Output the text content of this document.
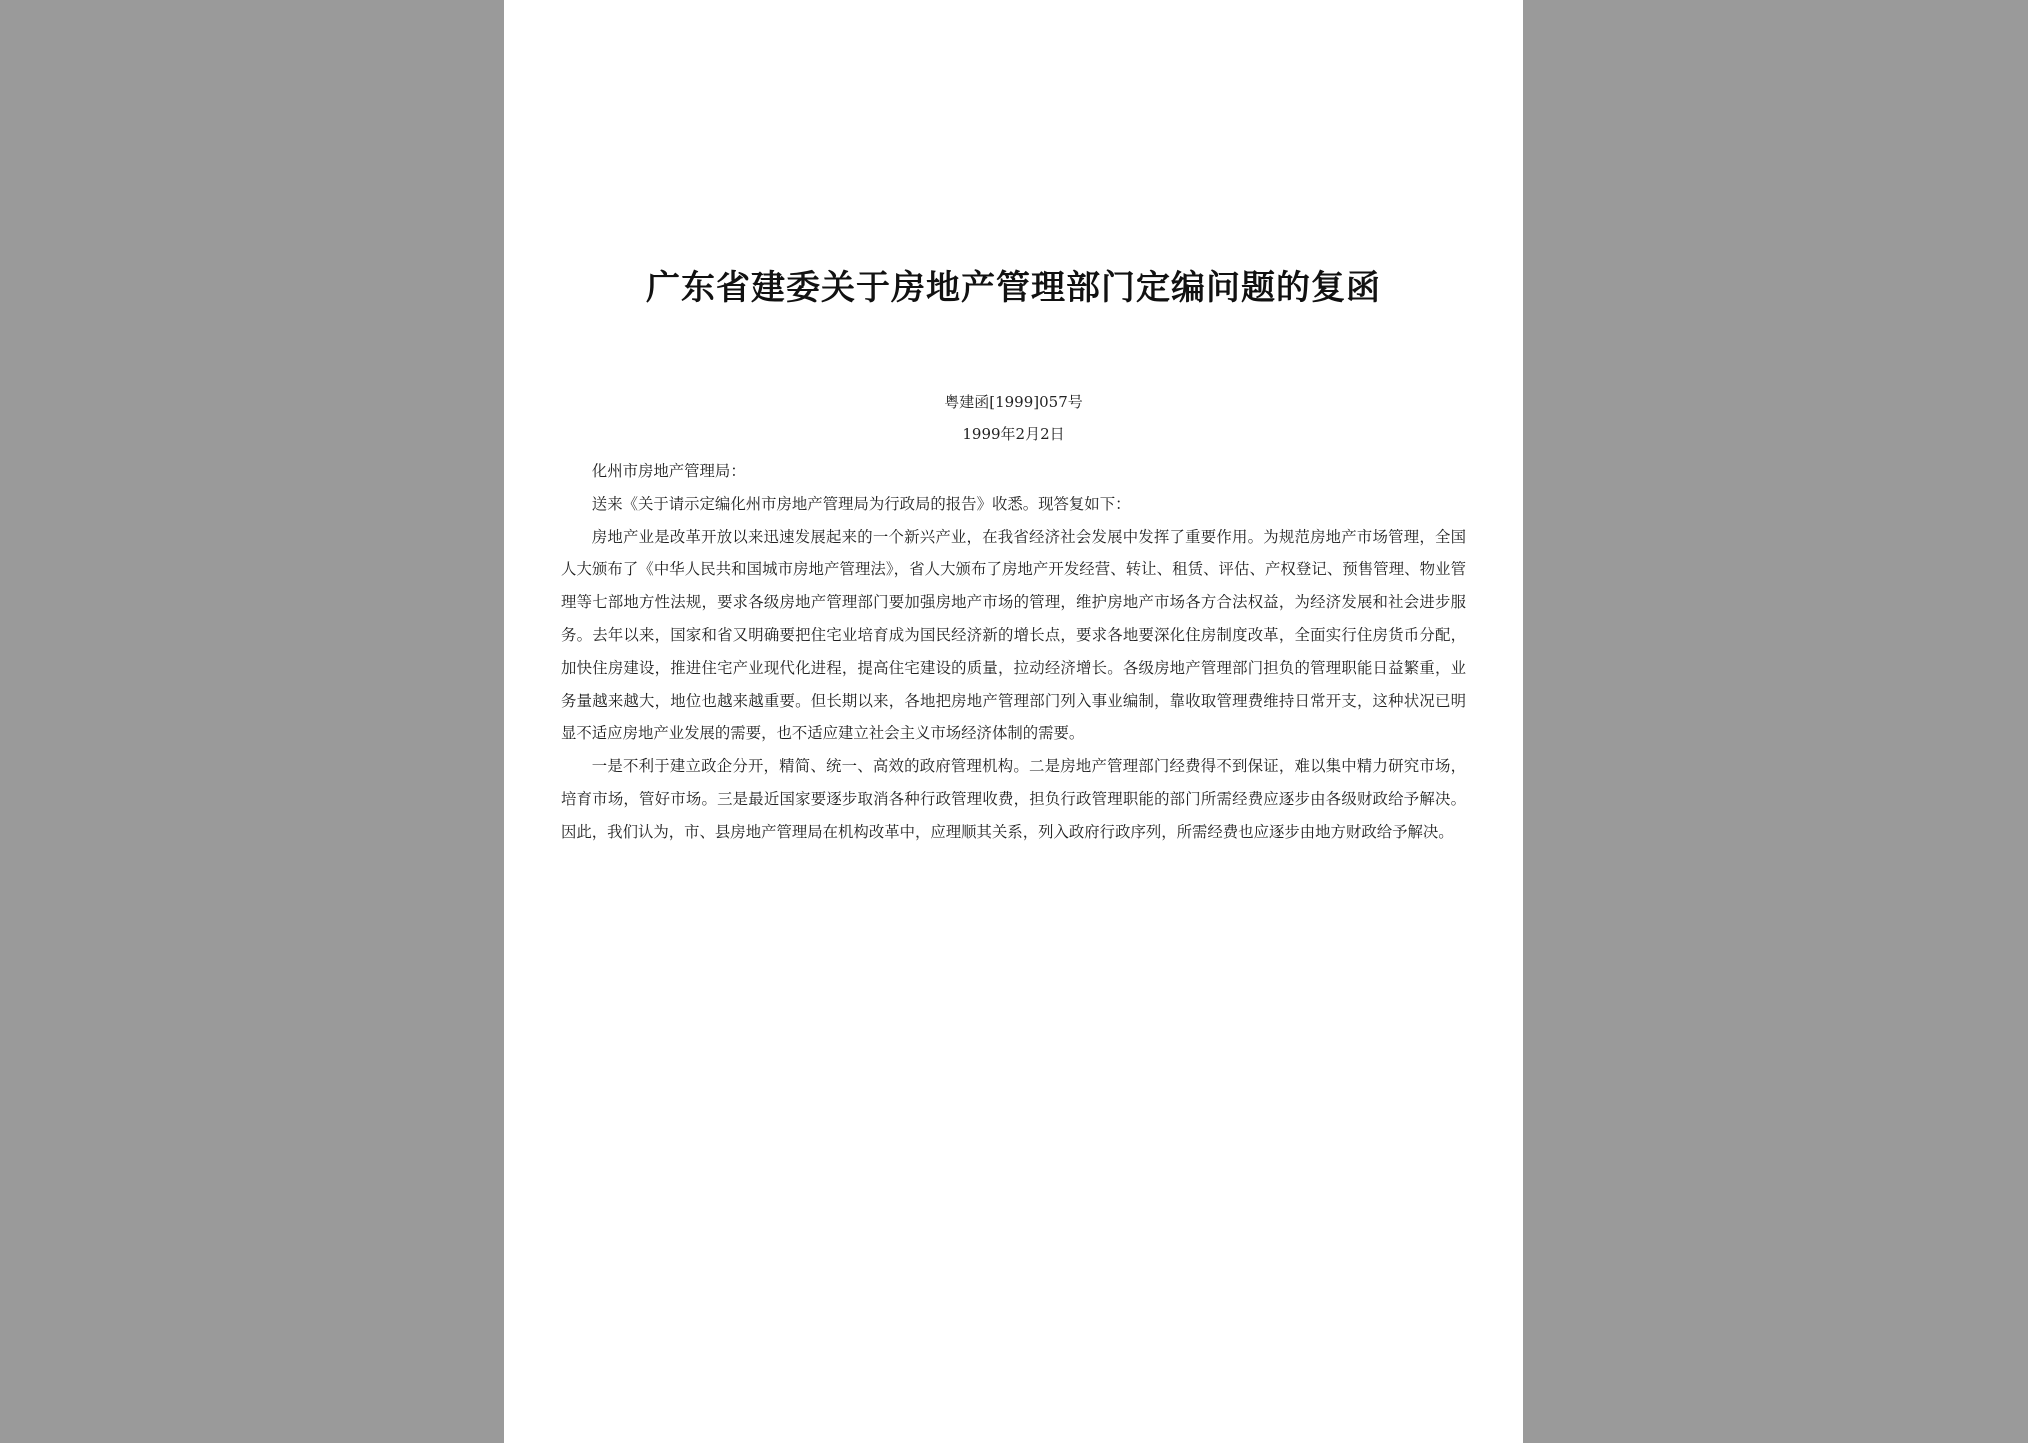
广东省建委关于房地产管理部门定编问题的复函
粤建函[1999]057号
1999年2月2日

化州市房地产管理局：

送来《关于请示定编化州市房地产管理局为行政局的报告》收悉。现答复如下：

房地产业是改革开放以来迅速发展起来的一个新兴产业，在我省经济社会发展中发挥了重要作用。为规范房地产市场管理，全国人大颁布了《中华人民共和国城市房地产管理法》，省人大颁布了房地产开发经营、转让、租赁、评估、产权登记、预售管理、物业管理等七部地方性法规，要求各级房地产管理部门要加强房地产市场的管理，维护房地产市场各方合法权益，为经济发展和社会进步服务。去年以来，国家和省又明确要把住宅业培育成为国民经济新的增长点，要求各地要深化住房制度改革，全面实行住房货币分配，加快住房建设，推进住宅产业现代化进程，提高住宅建设的质量，拉动经济增长。各级房地产管理部门担负的管理职能日益繁重，业务量越来越大，地位也越来越重要。但长期以来，各地把房地产管理部门列入事业编制，靠收取管理费维持日常开支，这种状况已明显不适应房地产业发展的需要，也不适应建立社会主义市场经济体制的需要。

一是不利于建立政企分开，精简、统一、高效的政府管理机构。二是房地产管理部门经费得不到保证，难以集中精力研究市场，培育市场，管好市场。三是最近国家要逐步取消各种行政管理收费，担负行政管理职能的部门所需经费应逐步由各级财政给予解决。因此，我们认为，市、县房地产管理局在机构改革中，应理顺其关系，列入政府行政序列，所需经费也应逐步由地方财政给予解决。
